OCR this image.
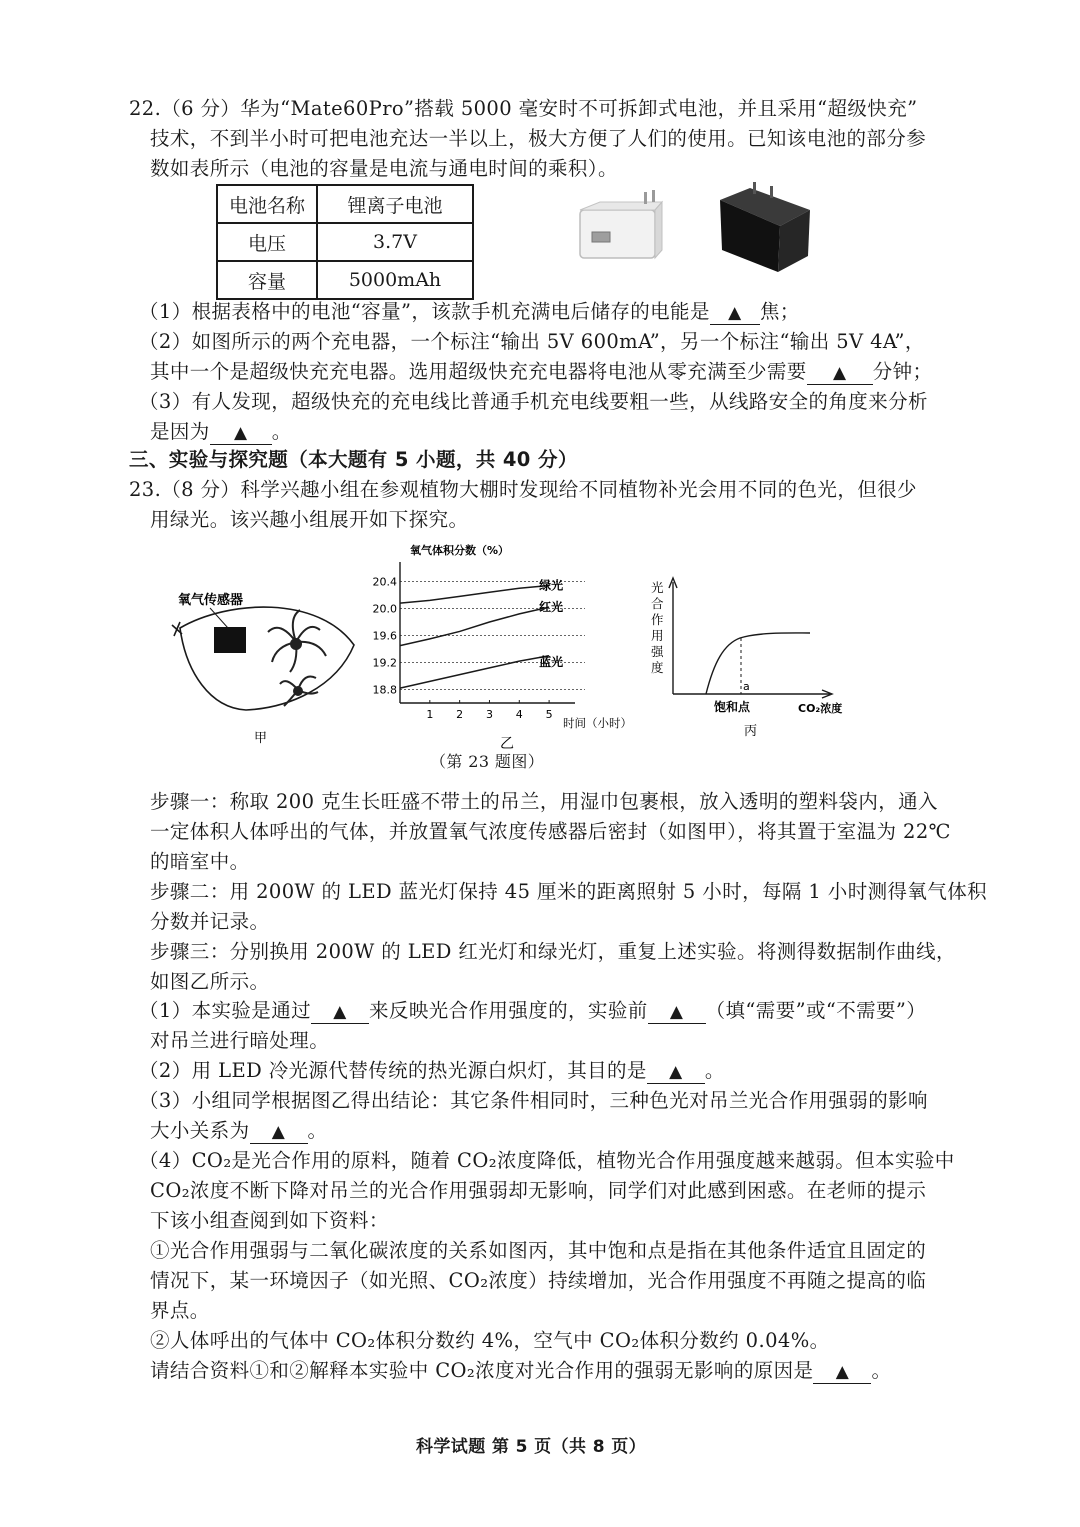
22.（6 分）华为“Mate60Pro”搭载 5000 毫安时不可拆卸式电池，并且采用“超级快充”
技术，不到半小时可把电池充达一半以上，极大方便了人们的使用。已知该电池的部分参
数如表所示（电池的容量是电流与通电时间的乘积）。
电池名称	锂离子电池
电压	3.7V
容量	5000mAh
（1）根据表格中的电池“容量”，该款手机充满电后储存的电能是 ▲ 焦；
（2）如图所示的两个充电器，一个标注“输出 5V 600mA”，另一个标注“输出 5V 4A”，
其中一个是超级快充充电器。选用超级快充充电器将电池从零充满至少需要 ▲ 分钟；
（3）有人发现，超级快充的充电线比普通手机充电线要粗一些，从线路安全的角度来分析
是因为 ▲ 。
三、实验与探究题（本大题有 5 小题，共 40 分）
23.（8 分）科学兴趣小组在参观植物大棚时发现给不同植物补光会用不同的色光，但很少
用绿光。该兴趣小组展开如下探究。
氧气传感器
甲
氧气体积分数（%）
20.4
20.0
19.6
19.2
18.8
1 2 3 4 5
绿光
红光
蓝光
时间（小时）
乙
光
合
作
用
强
度
a
饱和点	CO₂浓度
丙
（第 23 题图）
步骤一：称取 200 克生长旺盛不带土的吊兰，用湿巾包裹根，放入透明的塑料袋内，通入
一定体积人体呼出的气体，并放置氧气浓度传感器后密封（如图甲），将其置于室温为 22℃
的暗室中。
步骤二：用 200W 的 LED 蓝光灯保持 45 厘米的距离照射 5 小时，每隔 1 小时测得氧气体积
分数并记录。
步骤三：分别换用 200W 的 LED 红光灯和绿光灯，重复上述实验。将测得数据制作曲线，
如图乙所示。
（1）本实验是通过 ▲ 来反映光合作用强度的，实验前 ▲ （填“需要”或“不需要”）
对吊兰进行暗处理。
（2）用 LED 冷光源代替传统的热光源白炽灯，其目的是 ▲ 。
（3）小组同学根据图乙得出结论：其它条件相同时，三种色光对吊兰光合作用强弱的影响
大小关系为 ▲ 。
（4）CO₂是光合作用的原料，随着 CO₂浓度降低，植物光合作用强度越来越弱。但本实验中
CO₂浓度不断下降对吊兰的光合作用强弱却无影响，同学们对此感到困惑。在老师的提示
下该小组查阅到如下资料：
①光合作用强弱与二氧化碳浓度的关系如图丙，其中饱和点是指在其他条件适宜且固定的
情况下，某一环境因子（如光照、CO₂浓度）持续增加，光合作用强度不再随之提高的临
界点。
②人体呼出的气体中 CO₂体积分数约 4%，空气中 CO₂体积分数约 0.04%。
请结合资料①和②解释本实验中 CO₂浓度对光合作用的强弱无影响的原因是 ▲ 。
科学试题 第 5 页（共 8 页）
